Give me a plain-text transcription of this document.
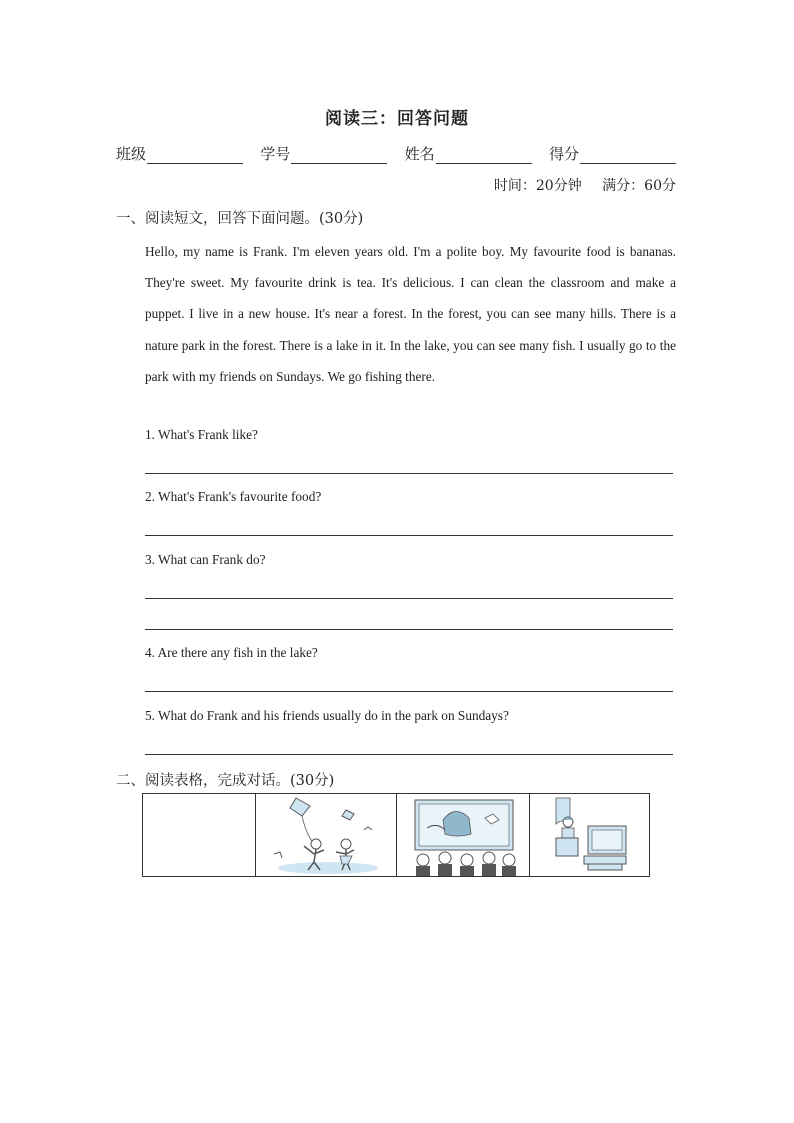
阅读三：回答问题
班级	学号	姓名	得分
时间：20分钟 满分：60分
一、阅读短文，回答下面问题。(30分)
Hello, my name is Frank. I'm eleven years old. I'm a polite boy. My favourite food is bananas. They're sweet. My favourite drink is tea. It's delicious. I can clean the classroom and make a puppet. I live in a new house. It's near a forest. In the forest, you can see many hills. There is a nature park in the forest. There is a lake in it. In the lake, you can see many fish. I usually go to the park with my friends on Sundays. We go fishing there.
1. What's Frank like?
2. What's Frank's favourite food?
3. What can Frank do?
4. Are there any fish in the lake?
5. What do Frank and his friends usually do in the park on Sundays?
二、阅读表格，完成对话。(30分)
